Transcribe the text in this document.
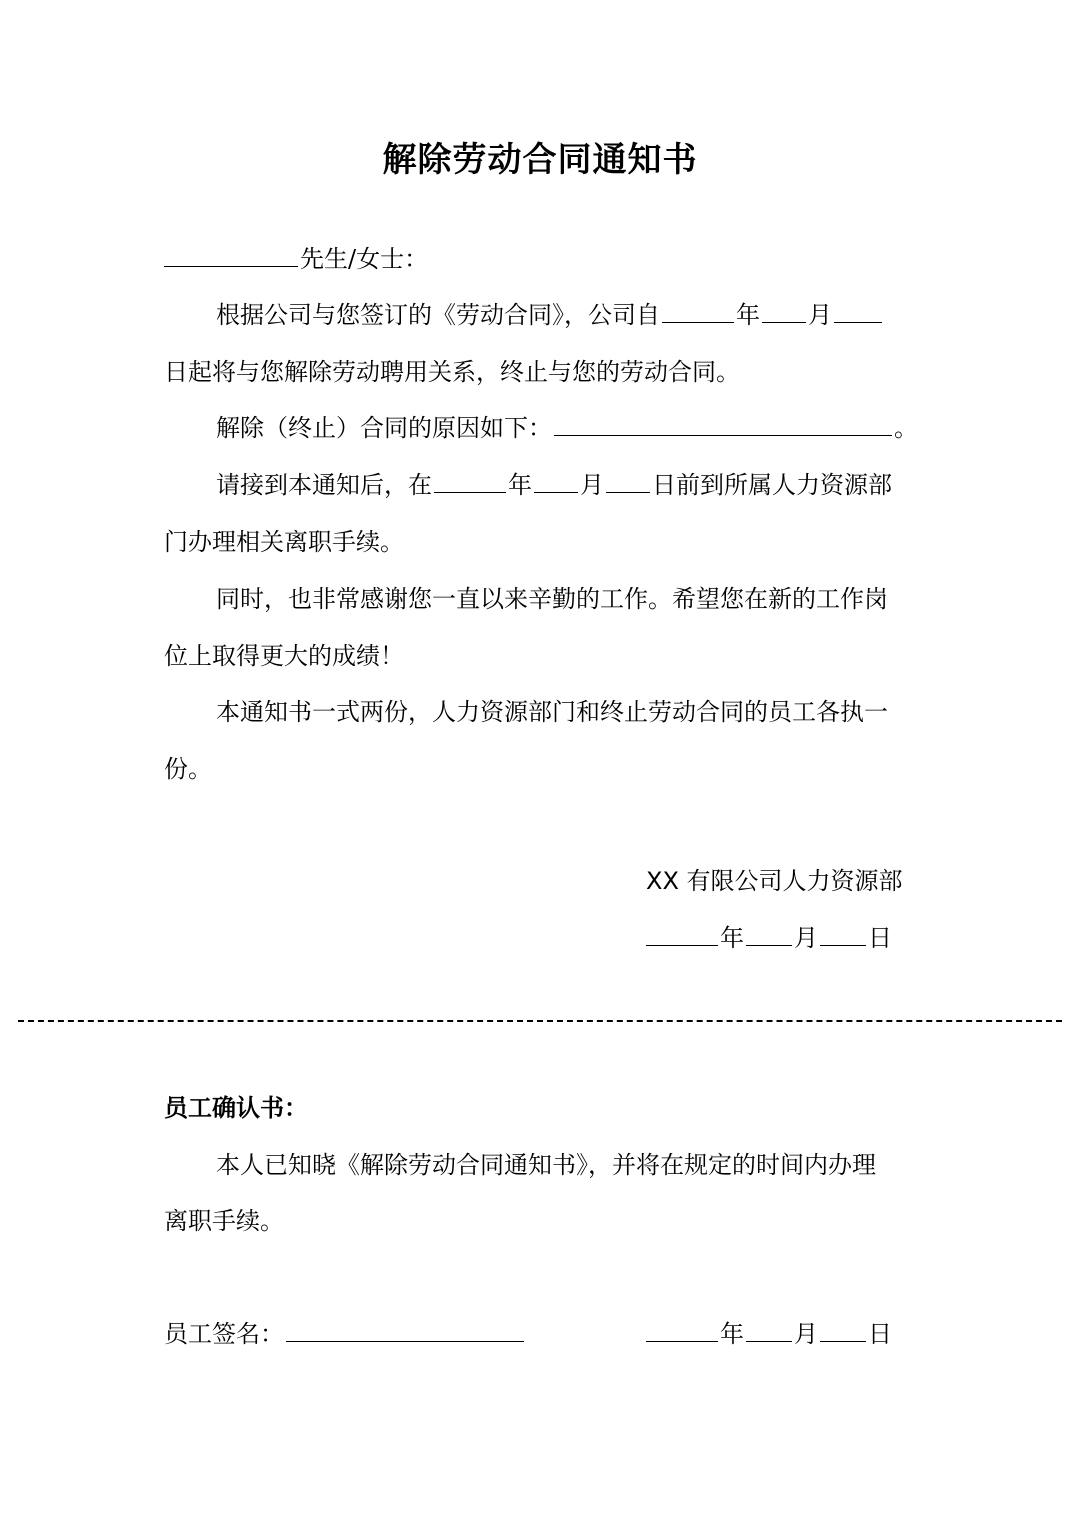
解除劳动合同通知书
先生/女士：
根据公司与您签订的《劳动合同》，公司自	年 月
日起将与您解除劳动聘用关系，终止与您的劳动合同。
解除（终止）合同的原因如下：	。
请接到本通知后，在	年 月 日前到所属人力资源部
门办理相关离职手续。
同时，也非常感谢您一直以来辛勤的工作。希望您在新的工作岗
位上取得更大的成绩！
本通知书一式两份，人力资源部门和终止劳动合同的员工各执一
份。
XX 有限公司人力资源部
年 月 日
员工确认书：
本人已知晓《解除劳动合同通知书》，并将在规定的时间内办理
离职手续。
员工签名：	年 月 日
